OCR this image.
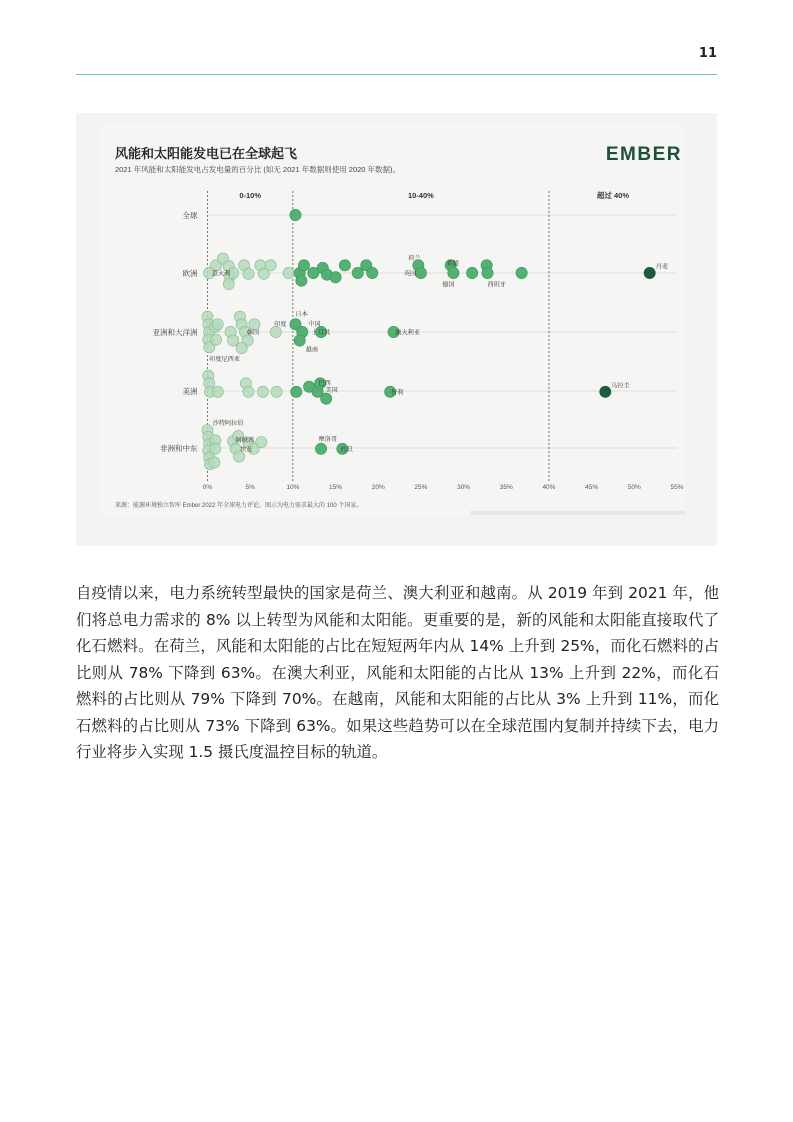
11
风能和太阳能发电已在全球起飞
2021 年风能和太阳能发电占发电量的百分比 (如无 2021 年数据则使用 2020 年数据)。
EMBER
0-10%	10-40%	超过 40%
全球
欧洲
亚洲和大洋洲
美洲
非洲和中东
0%	5%	10%	15%	20%	25%	30%	35%	40%	45%	50%	55%
荷兰
希腊
英国
德国	西班牙
丹麦
意大利
日本
印度	中国
韩国	土耳其	澳大利亚
越南
印度尼西亚
巴西
美国	智利
乌拉圭
沙特阿拉伯
阿联酋
埃及
摩洛哥
约旦
来源：能源环境独立智库 Ember 2022 年全球电力评论。图示为电力需求最大的 100 个国家。

自疫情以来，电力系统转型最快的国家是荷兰、澳大利亚和越南。从 2019 年到 2021 年，他们将总电力需求的 8% 以上转型为风能和太阳能。更重要的是，新的风能和太阳能直接取代了化石燃料。在荷兰，风能和太阳能的占比在短短两年内从 14% 上升到 25%，而化石燃料的占比则从 78% 下降到 63%。在澳大利亚，风能和太阳能的占比从 13% 上升到 22%，而化石燃料的占比则从 79% 下降到 70%。在越南，风能和太阳能的占比从 3% 上升到 11%，而化石燃料的占比则从 73% 下降到 63%。如果这些趋势可以在全球范围内复制并持续下去，电力行业将步入实现 1.5 摄氏度温控目标的轨道。
